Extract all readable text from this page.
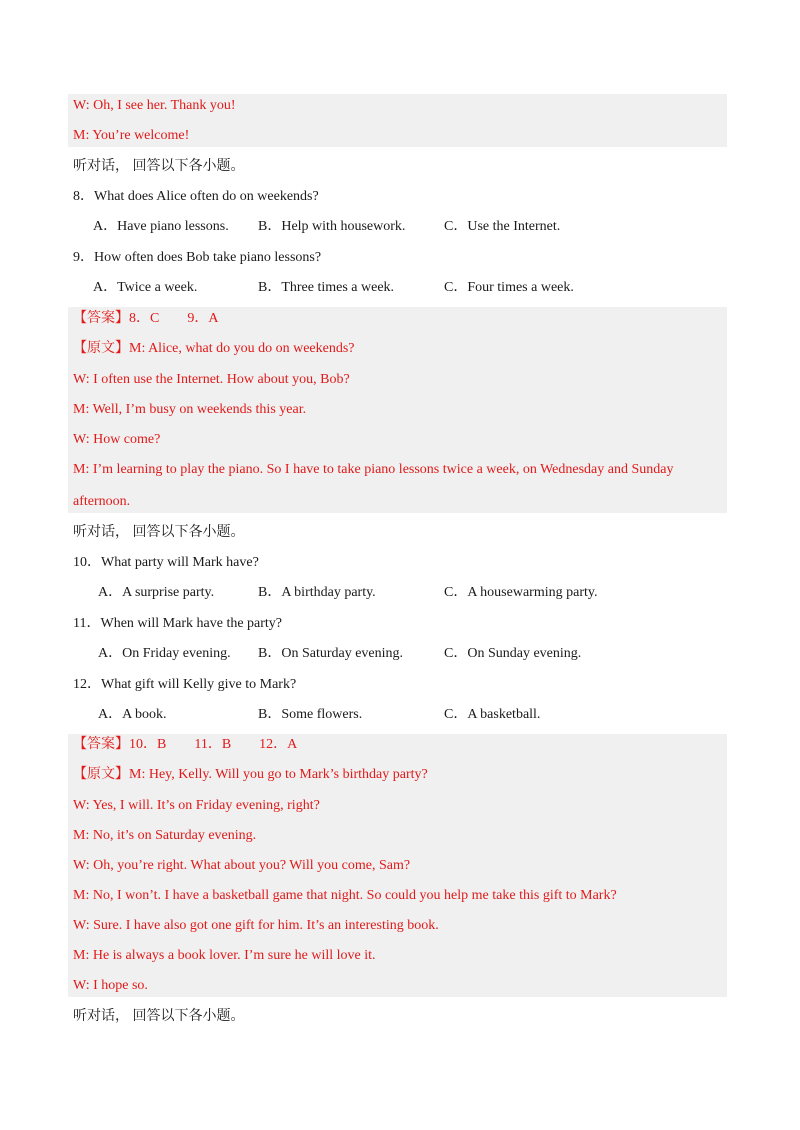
W: Oh, I see her. Thank you!
M: You’re welcome!
听对话， 回答以下各小题。
8．What does Alice often do on weekends?
A．Have piano lessons. B．Help with housework.	C．Use the Internet.
9．How often does Bob take piano lessons?
A．Twice a week.	B．Three times a week.	C．Four times a week.
【答案】8．C　　9．A
【原文】M: Alice, what do you do on weekends?
W: I often use the Internet. How about you, Bob?
M: Well, I’m busy on weekends this year.
W: How come?
M: I’m learning to play the piano. So I have to take piano lessons twice a week, on Wednesday and Sunday
afternoon.
听对话， 回答以下各小题。
10．What party will Mark have?
A．A surprise party.	B．A birthday party.	C．A housewarming party.
11．When will Mark have the party?
A．On Friday evening. B．On Saturday evening.	C．On Sunday evening.
12．What gift will Kelly give to Mark?
A．A book.	B．Some flowers.	C．A basketball.
【答案】10．B　　11．B　　12．A
【原文】M: Hey, Kelly. Will you go to Mark’s birthday party?
W: Yes, I will. It’s on Friday evening, right?
M: No, it’s on Saturday evening.
W: Oh, you’re right. What about you? Will you come, Sam?
M: No, I won’t. I have a basketball game that night. So could you help me take this gift to Mark?
W: Sure. I have also got one gift for him. It’s an interesting book.
M: He is always a book lover. I’m sure he will love it.
W: I hope so.
听对话， 回答以下各小题。
